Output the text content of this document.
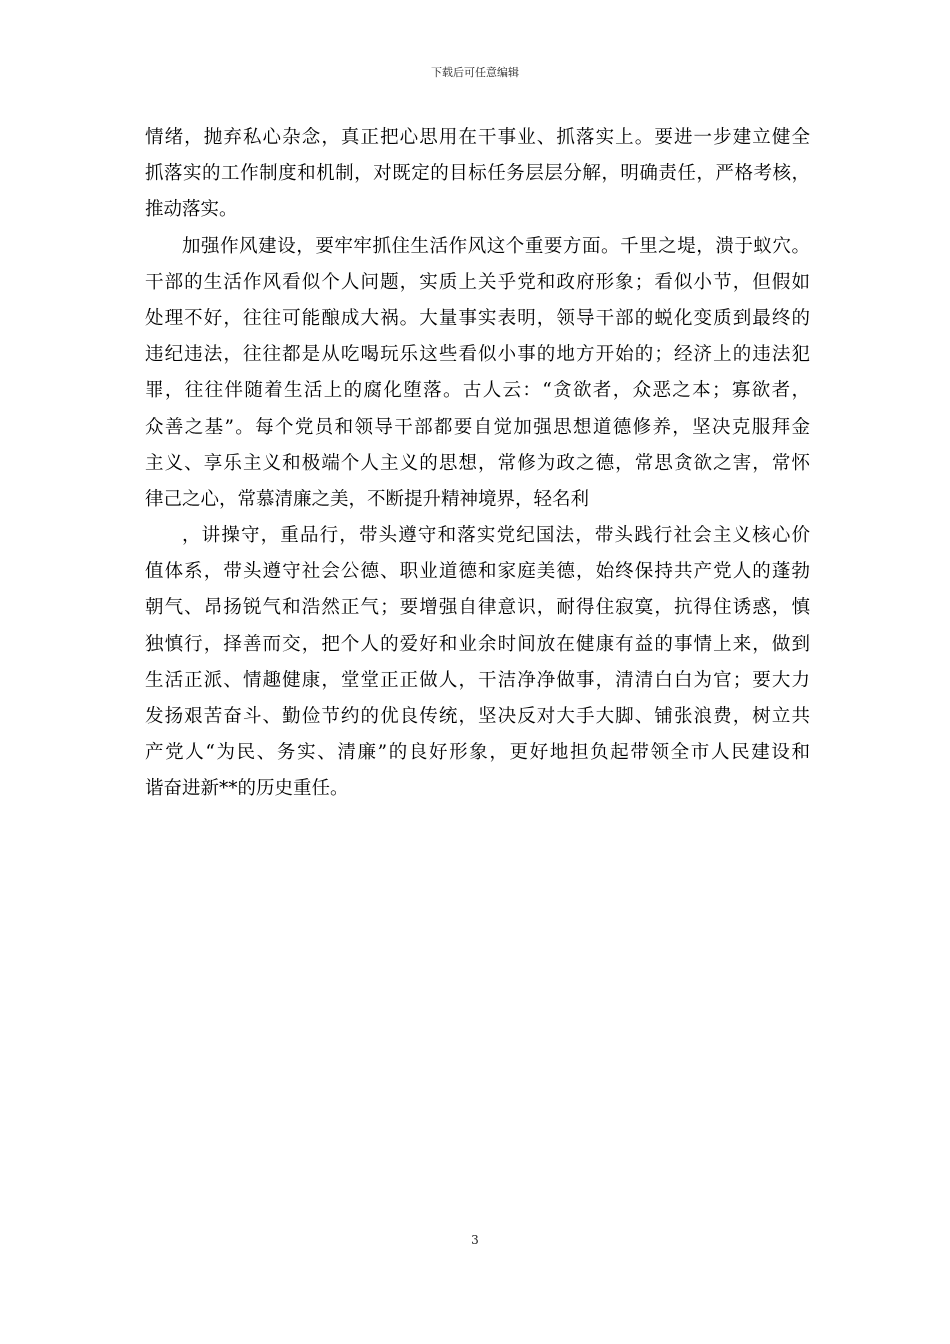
下载后可任意编辑
情绪，抛弃私心杂念，真正把心思用在干事业、抓落实上。要进一步建立健全
抓落实的工作制度和机制，对既定的目标任务层层分解，明确责任，严格考核，
推动落实。
加强作风建设，要牢牢抓住生活作风这个重要方面。千里之堤，溃于蚁穴。
干部的生活作风看似个人问题，实质上关乎党和政府形象；看似小节，但假如
处理不好，往往可能酿成大祸。大量事实表明，领导干部的蜕化变质到最终的
违纪违法，往往都是从吃喝玩乐这些看似小事的地方开始的；经济上的违法犯
罪，往往伴随着生活上的腐化堕落。古人云：“贪欲者，众恶之本；寡欲者，
众善之基”。每个党员和领导干部都要自觉加强思想道德修养，坚决克服拜金
主义、享乐主义和极端个人主义的思想，常修为政之德，常思贪欲之害，常怀
律己之心，常慕清廉之美，不断提升精神境界，轻名利
，讲操守，重品行，带头遵守和落实党纪国法，带头践行社会主义核心价
值体系，带头遵守社会公德、职业道德和家庭美德，始终保持共产党人的蓬勃
朝气、昂扬锐气和浩然正气；要增强自律意识，耐得住寂寞，抗得住诱惑，慎
独慎行，择善而交，把个人的爱好和业余时间放在健康有益的事情上来，做到
生活正派、情趣健康，堂堂正正做人，干洁净净做事，清清白白为官；要大力
发扬艰苦奋斗、勤俭节约的优良传统，坚决反对大手大脚、铺张浪费，树立共
产党人“为民、务实、清廉”的良好形象，更好地担负起带领全市人民建设和
谐奋进新**的历史重任。
3
